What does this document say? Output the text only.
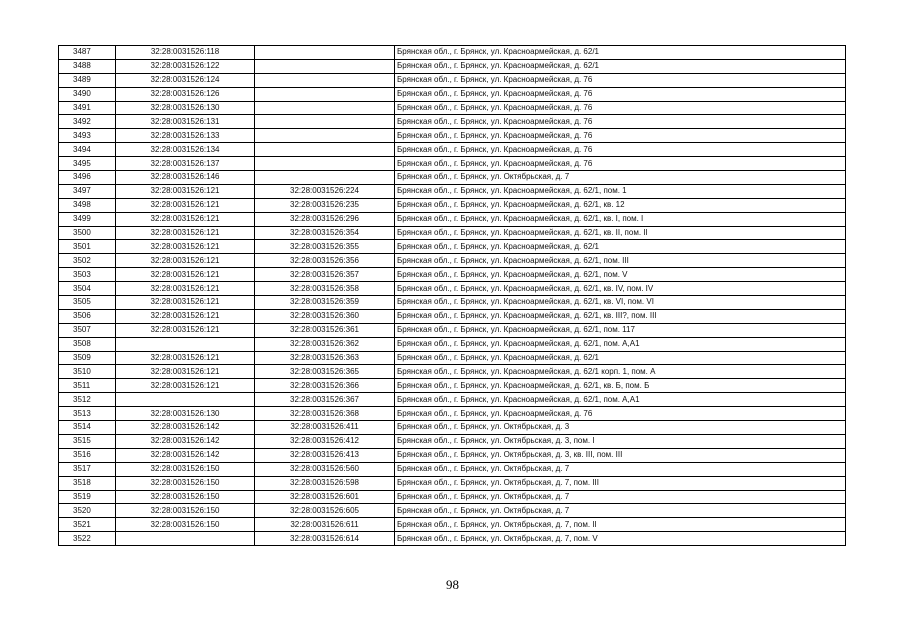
3487	32:28:0031526:118		Брянская обл., г. Брянск, ул. Красноармейская, д. 62/1
3488	32:28:0031526:122		Брянская обл., г. Брянск, ул. Красноармейская, д. 62/1
3489	32:28:0031526:124		Брянская обл., г. Брянск, ул. Красноармейская, д. 76
3490	32:28:0031526:126		Брянская обл., г. Брянск, ул. Красноармейская, д. 76
3491	32:28:0031526:130		Брянская обл., г. Брянск, ул. Красноармейская, д. 76
3492	32:28:0031526:131		Брянская обл., г. Брянск, ул. Красноармейская, д. 76
3493	32:28:0031526:133		Брянская обл., г. Брянск, ул. Красноармейская, д. 76
3494	32:28:0031526:134		Брянская обл., г. Брянск, ул. Красноармейская, д. 76
3495	32:28:0031526:137		Брянская обл., г. Брянск, ул. Красноармейская, д. 76
3496	32:28:0031526:146		Брянская обл., г. Брянск, ул. Октябрьская, д. 7
3497	32:28:0031526:121	32:28:0031526:224	Брянская обл., г. Брянск, ул. Красноармейская, д. 62/1, пом. 1
3498	32:28:0031526:121	32:28:0031526:235	Брянская обл., г. Брянск, ул. Красноармейская, д. 62/1, кв. 12
3499	32:28:0031526:121	32:28:0031526:296	Брянская обл., г. Брянск, ул. Красноармейская, д. 62/1, кв. I, пом. I
3500	32:28:0031526:121	32:28:0031526:354	Брянская обл., г. Брянск, ул. Красноармейская, д. 62/1, кв. II, пом. II
3501	32:28:0031526:121	32:28:0031526:355	Брянская обл., г. Брянск, ул. Красноармейская, д. 62/1
3502	32:28:0031526:121	32:28:0031526:356	Брянская обл., г. Брянск, ул. Красноармейская, д. 62/1, пом. III
3503	32:28:0031526:121	32:28:0031526:357	Брянская обл., г. Брянск, ул. Красноармейская, д. 62/1, пом. V
3504	32:28:0031526:121	32:28:0031526:358	Брянская обл., г. Брянск, ул. Красноармейская, д. 62/1, кв. IV, пом. IV
3505	32:28:0031526:121	32:28:0031526:359	Брянская обл., г. Брянск, ул. Красноармейская, д. 62/1, кв. VI, пом. VI
3506	32:28:0031526:121	32:28:0031526:360	Брянская обл., г. Брянск, ул. Красноармейская, д. 62/1, кв. III?, пом. III
3507	32:28:0031526:121	32:28:0031526:361	Брянская обл., г. Брянск, ул. Красноармейская, д. 62/1, пом. 117
3508		32:28:0031526:362	Брянская обл., г. Брянск, ул. Красноармейская, д. 62/1, пом. А,А1
3509	32:28:0031526:121	32:28:0031526:363	Брянская обл., г. Брянск, ул. Красноармейская, д. 62/1
3510	32:28:0031526:121	32:28:0031526:365	Брянская обл., г. Брянск, ул. Красноармейская, д. 62/1 корп. 1, пом. А
3511	32:28:0031526:121	32:28:0031526:366	Брянская обл., г. Брянск, ул. Красноармейская, д. 62/1, кв. Б, пом. Б
3512		32:28:0031526:367	Брянская обл., г. Брянск, ул. Красноармейская, д. 62/1, пом. А,А1
3513	32:28:0031526:130	32:28:0031526:368	Брянская обл., г. Брянск, ул. Красноармейская, д. 76
3514	32:28:0031526:142	32:28:0031526:411	Брянская обл., г. Брянск, ул. Октябрьская, д. 3
3515	32:28:0031526:142	32:28:0031526:412	Брянская обл., г. Брянск, ул. Октябрьская, д. 3, пом. I
3516	32:28:0031526:142	32:28:0031526:413	Брянская обл., г. Брянск, ул. Октябрьская, д. 3, кв. III, пом. III
3517	32:28:0031526:150	32:28:0031526:560	Брянская обл., г. Брянск, ул. Октябрьская, д. 7
3518	32:28:0031526:150	32:28:0031526:598	Брянская обл., г. Брянск, ул. Октябрьская, д. 7, пом. III
3519	32:28:0031526:150	32:28:0031526:601	Брянская обл., г. Брянск, ул. Октябрьская, д. 7
3520	32:28:0031526:150	32:28:0031526:605	Брянская обл., г. Брянск, ул. Октябрьская, д. 7
3521	32:28:0031526:150	32:28:0031526:611	Брянская обл., г. Брянск, ул. Октябрьская, д. 7, пом. II
3522		32:28:0031526:614	Брянская обл., г. Брянск, ул. Октябрьская, д. 7, пом. V
98
